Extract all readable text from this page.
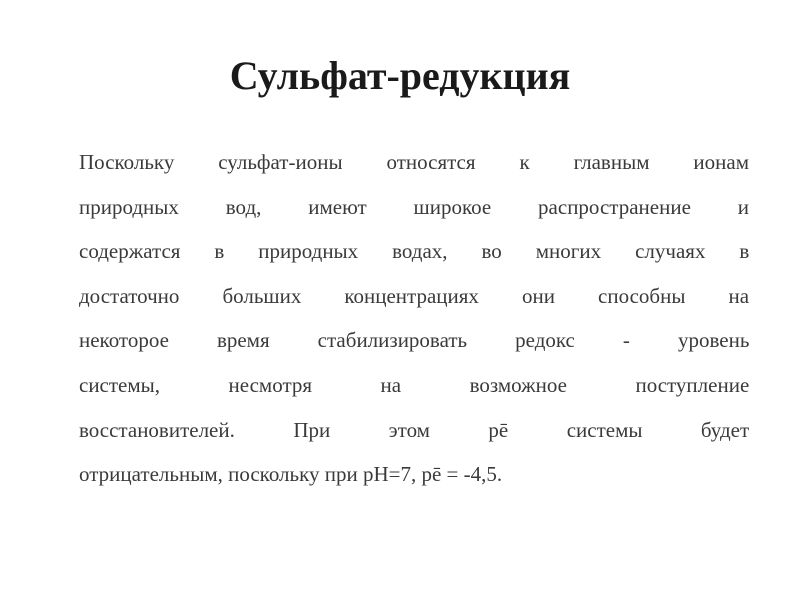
Сульфат-редукция
Поскольку сульфат-ионы относятся к главным ионам
природных вод, имеют широкое распространение и
содержатся в природных водах, во многих случаях в
достаточно больших концентрациях они способны на
некоторое время стабилизировать редокс - уровень
системы, несмотря на возможное поступление
восстановителей. При этом pē системы будет
отрицательным, поскольку при pH=7, pē = -4,5.
